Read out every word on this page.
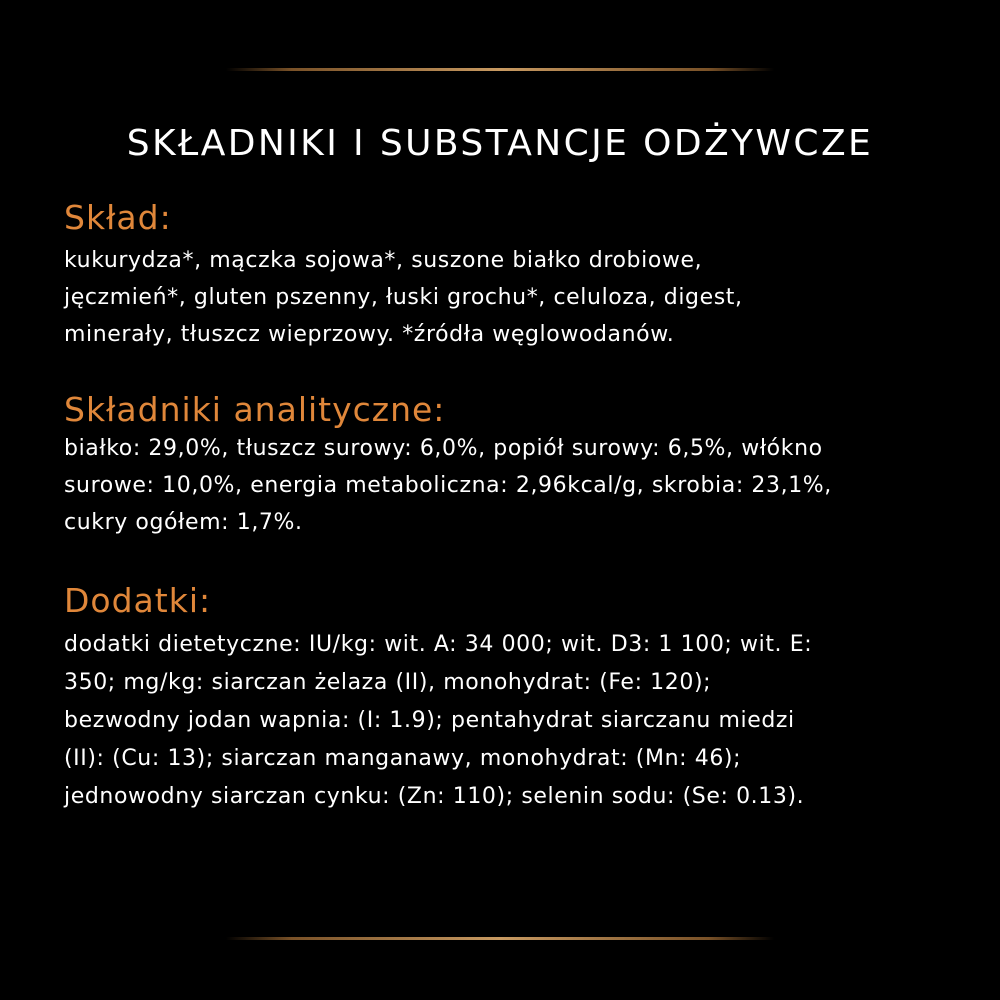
SKŁADNIKI I SUBSTANCJE ODŻYWCZE
Skład:
kukurydza*, mączka sojowa*, suszone białko drobiowe,
jęczmień*, gluten pszenny, łuski grochu*, celuloza, digest,
minerały, tłuszcz wieprzowy. *źródła węglowodanów.
Składniki analityczne:
białko: 29,0%, tłuszcz surowy: 6,0%, popiół surowy: 6,5%, włókno
surowe: 10,0%, energia metaboliczna: 2,96kcal/g, skrobia: 23,1%,
cukry ogółem: 1,7%.
Dodatki:
dodatki dietetyczne: IU/kg: wit. A: 34 000; wit. D3: 1 100; wit. E:
350; mg/kg: siarczan żelaza (II), monohydrat: (Fe: 120);
bezwodny jodan wapnia: (I: 1.9); pentahydrat siarczanu miedzi
(II): (Cu: 13); siarczan manganawy, monohydrat: (Mn: 46);
jednowodny siarczan cynku: (Zn: 110); selenin sodu: (Se: 0.13).
